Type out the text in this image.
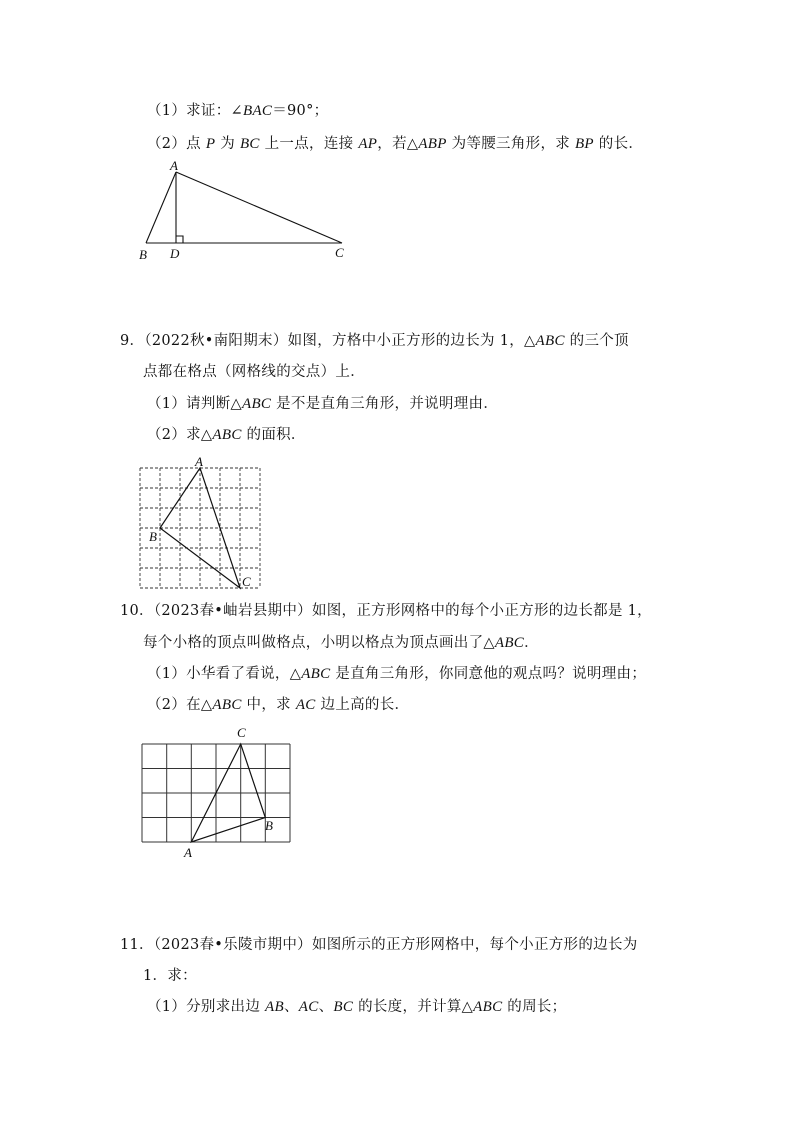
（1）求证：∠BAC＝90°；
（2）点 P 为 BC 上一点，连接 AP，若△ABP 为等腰三角形，求 BP 的长．
A
B D	C
9．（2022秋•南阳期末）如图，方格中小正方形的边长为 1，△ABC 的三个顶
点都在格点（网格线的交点）上．
（1）请判断△ABC 是不是直角三角形，并说明理由．
（2）求△ABC 的面积．
A
B
C
10．（2023春•岫岩县期中）如图，正方形网格中的每个小正方形的边长都是 1，
每个小格的顶点叫做格点，小明以格点为顶点画出了△ABC．
（1）小华看了看说，△ABC 是直角三角形，你同意他的观点吗？说明理由；
（2）在△ABC 中，求 AC 边上高的长．
C
B
A
11．（2023春•乐陵市期中）如图所示的正方形网格中，每个小正方形的边长为
1．求：
（1）分别求出边 AB、AC、BC 的长度，并计算△ABC 的周长；
